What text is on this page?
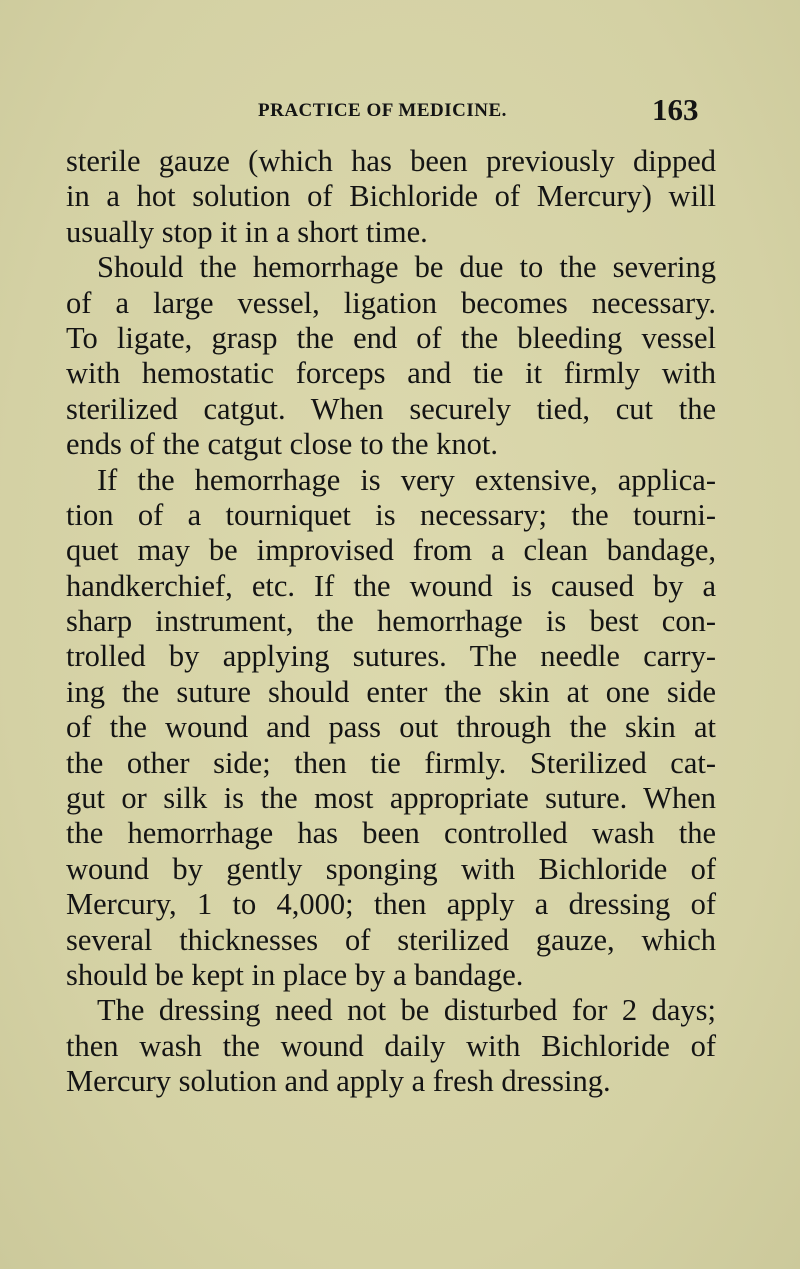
PRACTICE OF MEDICINE.	163
sterile gauze (which has been previously dipped
in a hot solution of Bichloride of Mercury) will
usually stop it in a short time.
Should the hemorrhage be due to the severing
of a large vessel, ligation becomes necessary.
To ligate, grasp the end of the bleeding vessel
with hemostatic forceps and tie it firmly with
sterilized catgut. When securely tied, cut the
ends of the catgut close to the knot.
If the hemorrhage is very extensive, applica-
tion of a tourniquet is necessary; the tourni-
quet may be improvised from a clean bandage,
handkerchief, etc. If the wound is caused by a
sharp instrument, the hemorrhage is best con-
trolled by applying sutures. The needle carry-
ing the suture should enter the skin at one side
of the wound and pass out through the skin at
the other side; then tie firmly. Sterilized cat-
gut or silk is the most appropriate suture. When
the hemorrhage has been controlled wash the
wound by gently sponging with Bichloride of
Mercury, 1 to 4,000; then apply a dressing of
several thicknesses of sterilized gauze, which
should be kept in place by a bandage.
The dressing need not be disturbed for 2 days;
then wash the wound daily with Bichloride of
Mercury solution and apply a fresh dressing.
